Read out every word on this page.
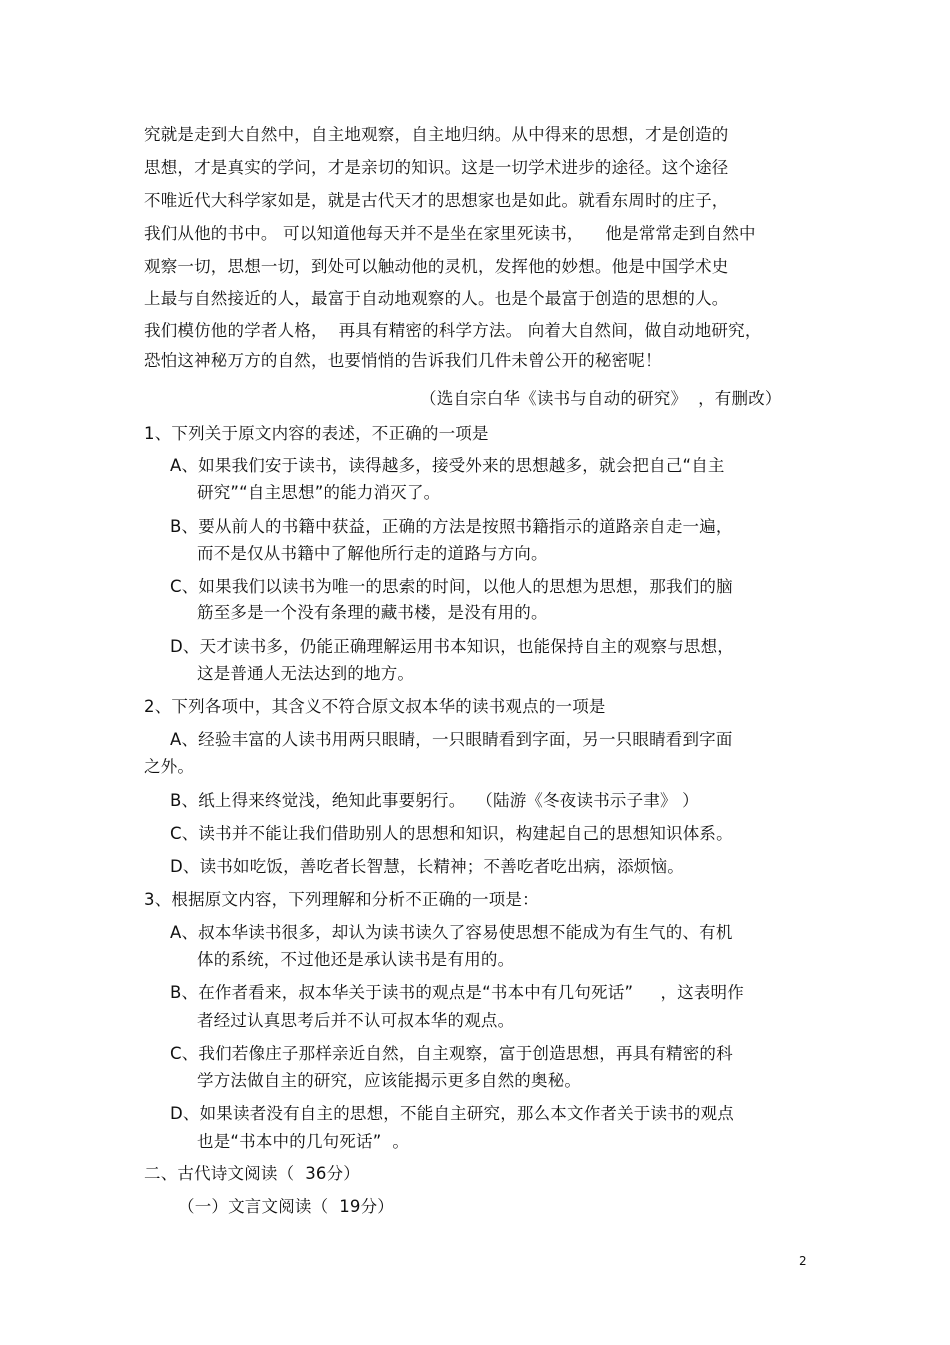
究就是走到大自然中，自主地观察，自主地归纳。从中得来的思想，才是创造的
思想，才是真实的学问，才是亲切的知识。这是一切学术进步的途径。这个途径
不唯近代大科学家如是，就是古代天才的思想家也是如此。就看东周时的庄子，
我们从他的书中。 可以知道他每天并不是坐在家里死读书，    他是常常走到自然中
观察一切，思想一切，到处可以触动他的灵机，发挥他的妙想。他是中国学术史
上最与自然接近的人，最富于自动地观察的人。也是个最富于创造的思想的人。
我们模仿他的学者人格，  再具有精密的科学方法。 向着大自然间，做自动地研究，
恐怕这神秘万方的自然，也要悄悄的告诉我们几件未曾公开的秘密呢！
（选自宗白华《读书与自动的研究》  ，有删改）
1、下列关于原文内容的表述，不正确的一项是
A、如果我们安于读书，读得越多，接受外来的思想越多，就会把自己“自主
研究”“自主思想”的能力消灭了。
B、要从前人的书籍中获益，正确的方法是按照书籍指示的道路亲自走一遍，
而不是仅从书籍中了解他所行走的道路与方向。
C、如果我们以读书为唯一的思索的时间，以他人的思想为思想，那我们的脑
筋至多是一个没有条理的藏书楼，是没有用的。
D、天才读书多，仍能正确理解运用书本知识，也能保持自主的观察与思想，
这是普通人无法达到的地方。
2、下列各项中，其含义不符合原文叔本华的读书观点的一项是
A、经验丰富的人读书用两只眼睛，一只眼睛看到字面，另一只眼睛看到字面
之外。
B、纸上得来终觉浅，绝知此事要躬行。  （陆游《冬夜读书示子聿》 ）
C、读书并不能让我们借助别人的思想和知识，构建起自己的思想知识体系。
D、读书如吃饭，善吃者长智慧，长精神；不善吃者吃出病，添烦恼。
3、根据原文内容，下列理解和分析不正确的一项是：
A、叔本华读书很多，却认为读书读久了容易使思想不能成为有生气的、有机
体的系统，不过他还是承认读书是有用的。
B、在作者看来，叔本华关于读书的观点是“书本中有几句死话”     ，这表明作
者经过认真思考后并不认可叔本华的观点。
C、我们若像庄子那样亲近自然，自主观察，富于创造思想，再具有精密的科
学方法做自主的研究，应该能揭示更多自然的奥秘。
D、如果读者没有自主的思想，不能自主研究，那么本文作者关于读书的观点
也是“书本中的几句死话”  。
二、古代诗文阅读（  36分）
（一）文言文阅读（  19分）
2
